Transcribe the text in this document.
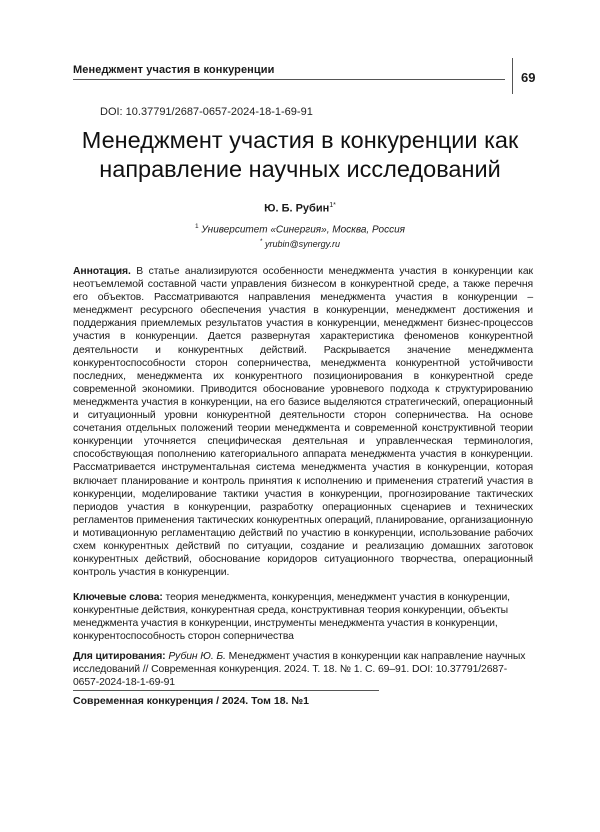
Менеджмент участия в конкуренции	69
DOI: 10.37791/2687-0657-2024-18-1-69-91
Менеджмент участия в конкуренции как
направление научных исследований
Ю. Б. Рубин$^{1*}$
$^1$ Университет «Синергия», Москва, Россия
* yrubin@synergy.ru
Аннотация. В статье анализируются особенности менеджмента участия в конкуренции как неотъемлемой составной части управления бизнесом в конкурентной среде, а также перечня его объектов. Рассматриваются направления менеджмента участия в конкуренции – менеджмент ресурсного обеспечения участия в конкуренции, менеджмент достижения и поддержания приемлемых результатов участия в конкуренции, менеджмент бизнес-процессов участия в конкуренции. Дается развернутая характеристика феноменов конкурентной деятельности и конкурентных действий. Раскрывается значение менеджмента конкурентоспособности сторон соперничества, менеджмента конкурентной устойчивости последних, менеджмента их конкурентного позиционирования в конкурентной среде современной экономики. Приводится обоснование уровневого подхода к структурированию менеджмента участия в конкуренции, на его базисе выделяются стратегический, операционный и ситуационный уровни конкурентной деятельности сторон соперничества. На основе сочетания отдельных положений теории менеджмента и современной конструктивной теории конкуренции уточняется специфическая деятельная и управленческая терминология, способствующая пополнению категориального аппарата менеджмента участия в конкуренции. Рассматривается инструментальная система менеджмента участия в конкуренции, которая включает планирование и контроль принятия к исполнению и применения стратегий участия в конкуренции, моделирование тактики участия в конкуренции, прогнозирование тактических периодов участия в конкуренции, разработку операционных сценариев и технических регламентов применения тактических конкурентных операций, планирование, организационную и мотивационную регламентацию действий по участию в конкуренции, использование рабочих схем конкурентных действий по ситуации, создание и реализацию домашних заготовок конкурентных действий, обоснование коридоров ситуационного творчества, операционный контроль участия в конкуренции.
Ключевые слова: теория менеджмента, конкуренция, менеджмент участия в конкуренции, конкурентные действия, конкурентная среда, конструктивная теория конкуренции, объекты менеджмента участия в конкуренции, инструменты менеджмента участия в конкуренции, конкурентоспособность сторон соперничества
Для цитирования: Рубин Ю. Б. Менеджмент участия в конкуренции как направление научных исследований // Современная конкуренция. 2024. Т. 18. № 1. С. 69–91. DOI: 10.37791/2687-0657-2024-18-1-69-91
Современная конкуренция / 2024. Том 18. №1
